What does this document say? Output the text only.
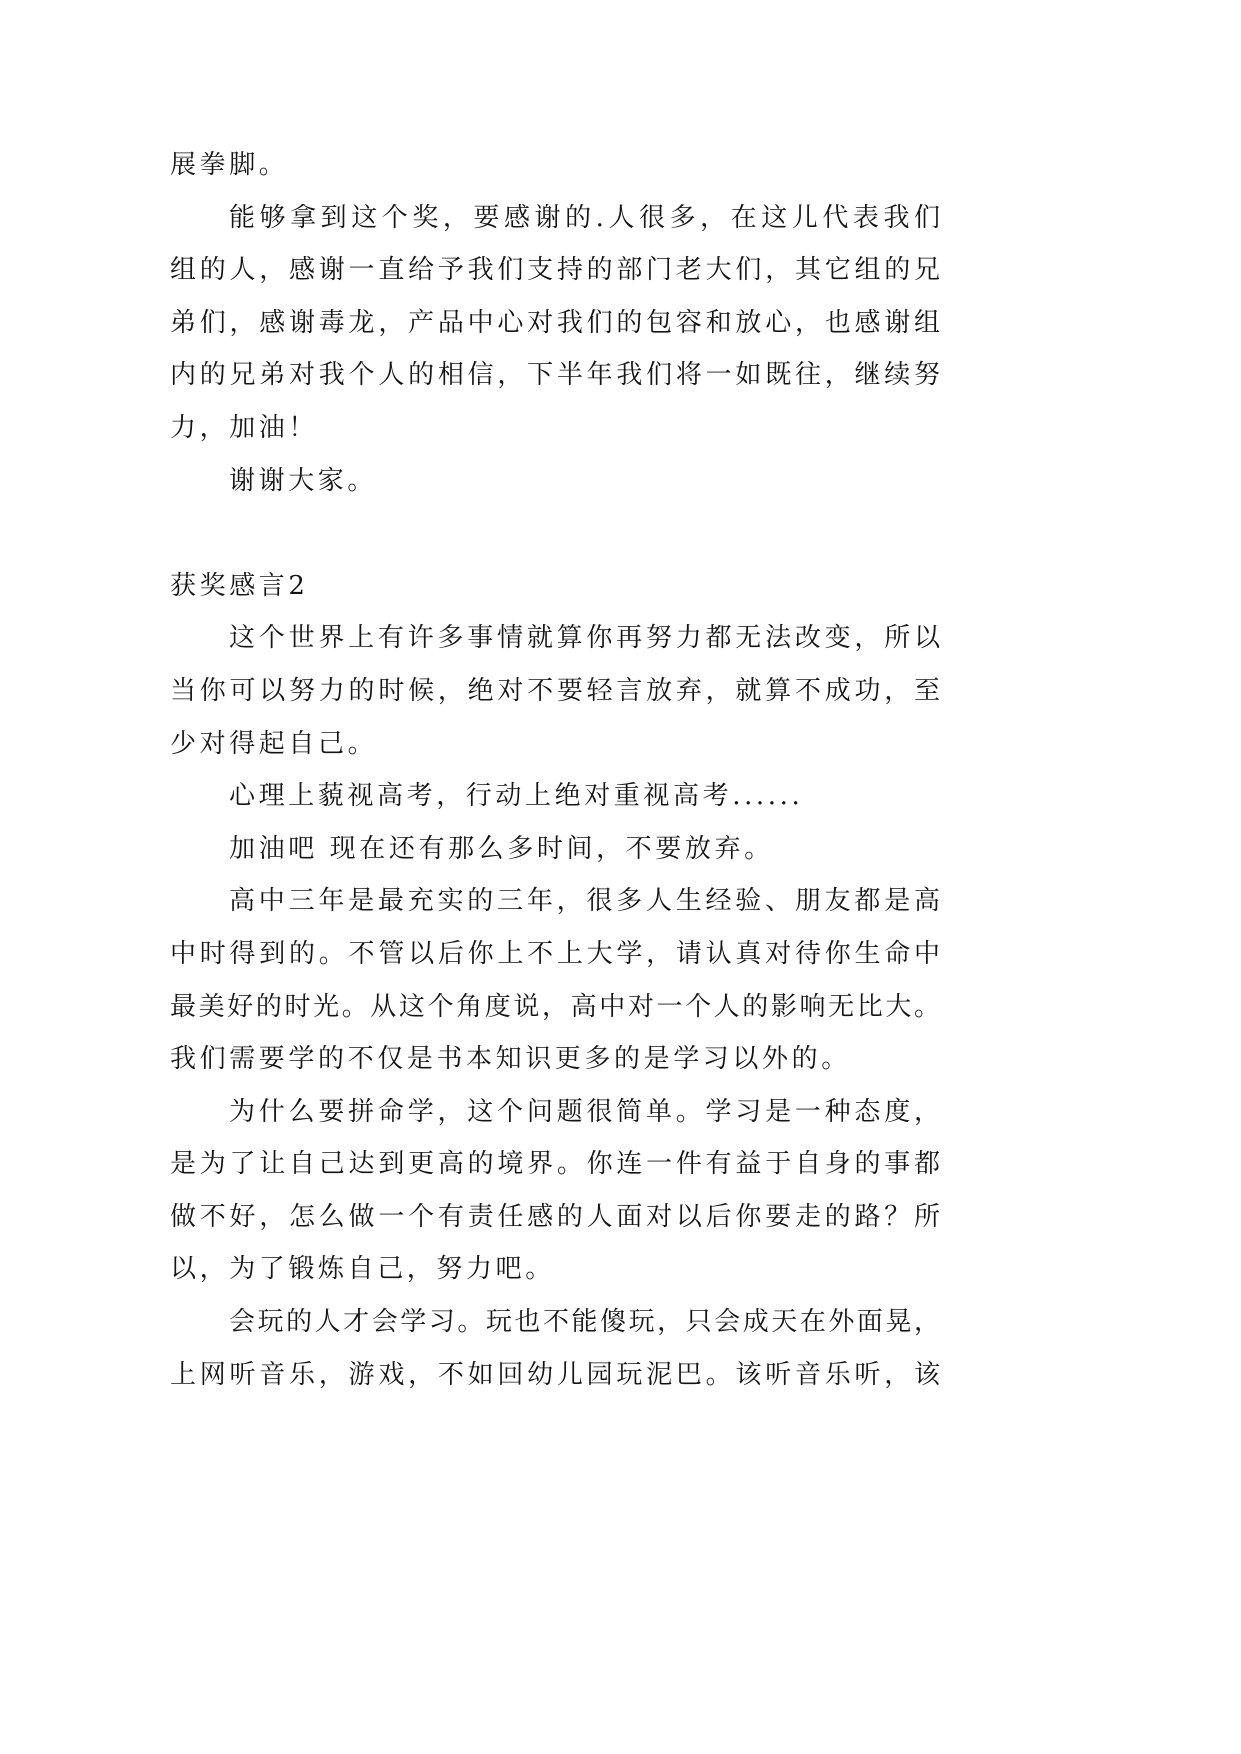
展拳脚。
能够拿到这个奖，要感谢的.人很多，在这儿代表我们
组的人，感谢一直给予我们支持的部门老大们，其它组的兄
弟们，感谢毒龙，产品中心对我们的包容和放心，也感谢组
内的兄弟对我个人的相信，下半年我们将一如既往，继续努
力，加油！
谢谢大家。
获奖感言2
这个世界上有许多事情就算你再努力都无法改变，所以
当你可以努力的时候，绝对不要轻言放弃，就算不成功，至
少对得起自己。
心理上藐视高考，行动上绝对重视高考......
加油吧 现在还有那么多时间，不要放弃。
高中三年是最充实的三年，很多人生经验、朋友都是高
中时得到的。不管以后你上不上大学，请认真对待你生命中
最美好的时光。从这个角度说，高中对一个人的影响无比大。
我们需要学的不仅是书本知识更多的是学习以外的。
为什么要拼命学，这个问题很简单。学习是一种态度，
是为了让自己达到更高的境界。你连一件有益于自身的事都
做不好，怎么做一个有责任感的人面对以后你要走的路？所
以，为了锻炼自己，努力吧。
会玩的人才会学习。玩也不能傻玩，只会成天在外面晃，
上网听音乐，游戏，不如回幼儿园玩泥巴。该听音乐听，该
